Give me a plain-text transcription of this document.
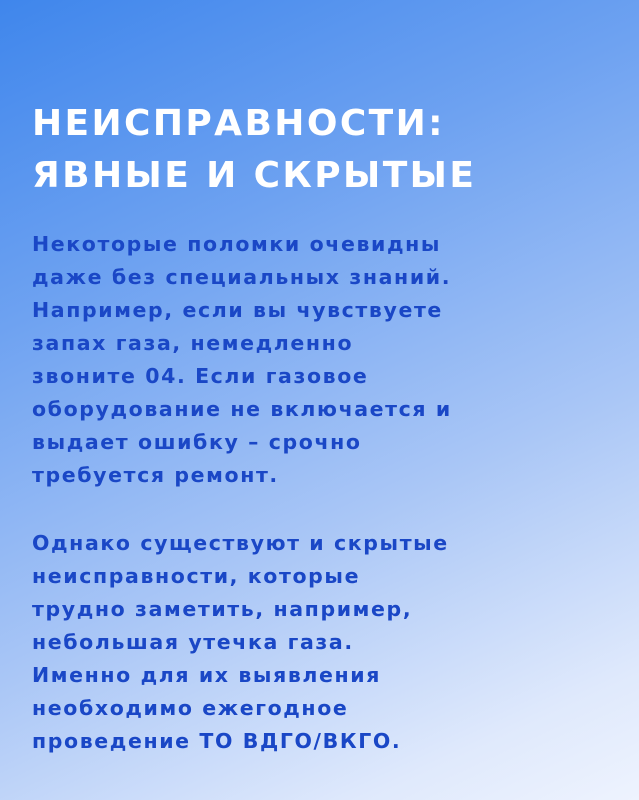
НЕИСПРАВНОСТИ:
ЯВНЫЕ И СКРЫТЫЕ

Некоторые поломки очевидны
даже без специальных знаний.
Например, если вы чувствуете
запах газа, немедленно
звоните 04. Если газовое
оборудование не включается и
выдает ошибку – срочно
требуется ремонт.

Однако существуют и скрытые
неисправности, которые
трудно заметить, например,
небольшая утечка газа.
Именно для их выявления
необходимо ежегодное
проведение ТО ВДГО/ВКГО.
